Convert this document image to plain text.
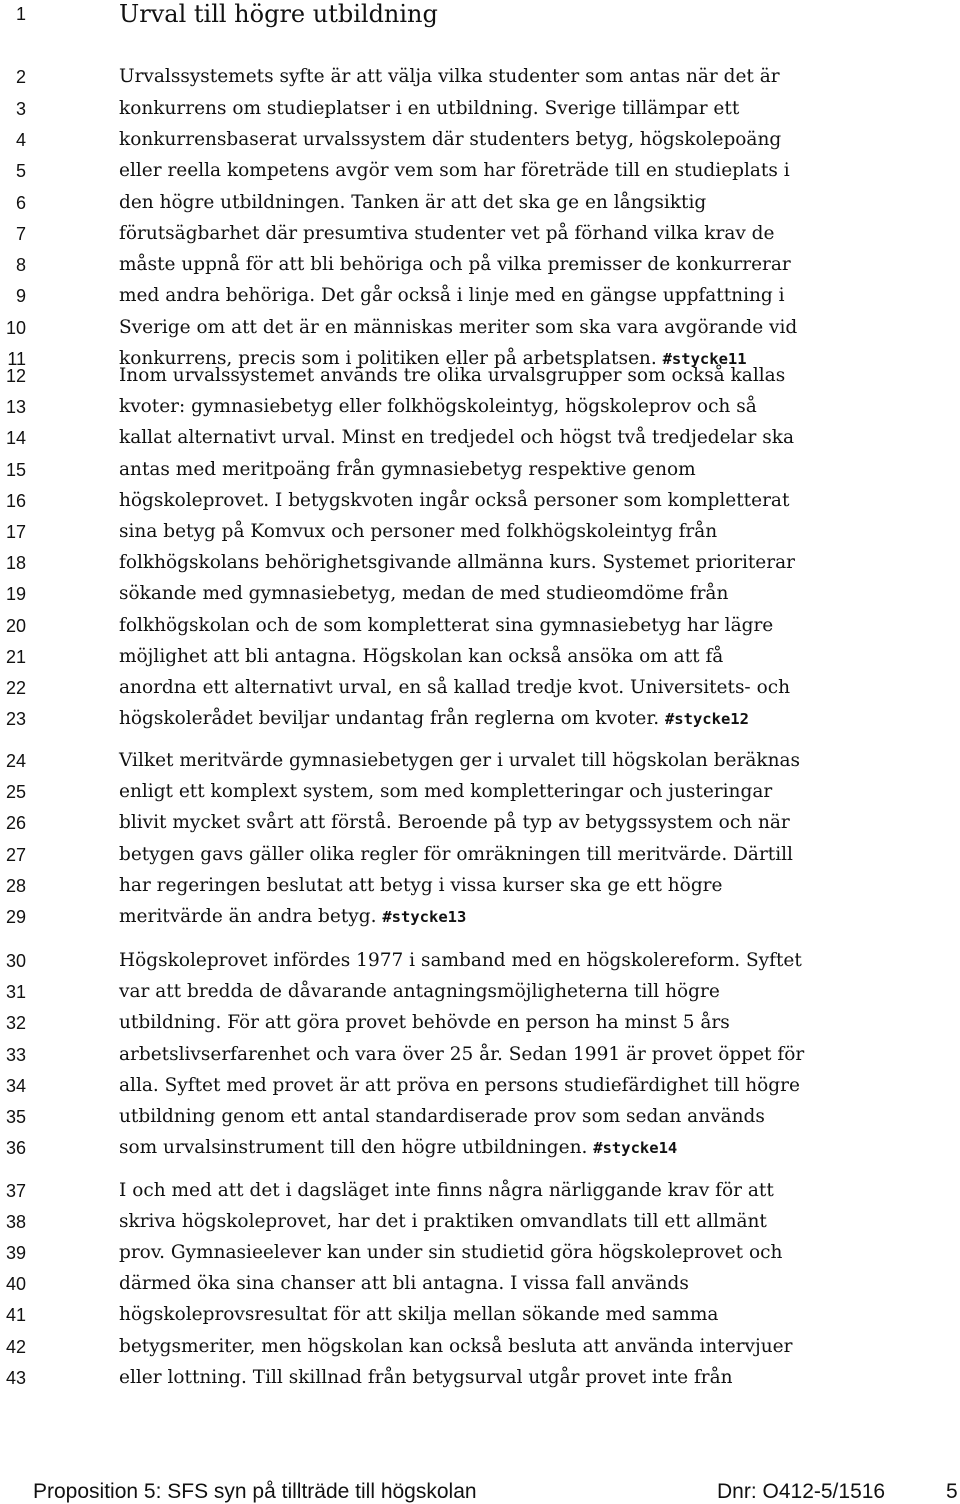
1	Urval till högre utbildning
2	Urvalssystemets syfte är att välja vilka studenter som antas när det är
3	konkurrens om studieplatser i en utbildning. Sverige tillämpar ett
4	konkurrensbaserat urvalssystem där studenters betyg, högskolepoäng
5	eller reella kompetens avgör vem som har företräde till en studieplats i
6	den högre utbildningen. Tanken är att det ska ge en långsiktig
7	förutsägbarhet där presumtiva studenter vet på förhand vilka krav de
8	måste uppnå för att bli behöriga och på vilka premisser de konkurrerar
9	med andra behöriga. Det går också i linje med en gängse uppfattning i
10	Sverige om att det är en människas meriter som ska vara avgörande vid
11	konkurrens, precis som i politiken eller på arbetsplatsen. #stycke11
12	Inom urvalssystemet används tre olika urvalsgrupper som också kallas
13	kvoter: gymnasiebetyg eller folkhögskoleintyg, högskoleprov och så
14	kallat alternativt urval. Minst en tredjedel och högst två tredjedelar ska
15	antas med meritpoäng från gymnasiebetyg respektive genom
16	högskoleprovet. I betygskvoten ingår också personer som kompletterat
17	sina betyg på Komvux och personer med folkhögskoleintyg från
18	folkhögskolans behörighetsgivande allmänna kurs. Systemet prioriterar
19	sökande med gymnasiebetyg, medan de med studieomdöme från
20	folkhögskolan och de som kompletterat sina gymnasiebetyg har lägre
21	möjlighet att bli antagna. Högskolan kan också ansöka om att få
22	anordna ett alternativt urval, en så kallad tredje kvot. Universitets- och
23	högskolerådet beviljar undantag från reglerna om kvoter. #stycke12
24	Vilket meritvärde gymnasiebetygen ger i urvalet till högskolan beräknas
25	enligt ett komplext system, som med kompletteringar och justeringar
26	blivit mycket svårt att förstå. Beroende på typ av betygssystem och när
27	betygen gavs gäller olika regler för omräkningen till meritvärde. Därtill
28	har regeringen beslutat att betyg i vissa kurser ska ge ett högre
29	meritvärde än andra betyg. #stycke13
30	Högskoleprovet infördes 1977 i samband med en högskolereform. Syftet
31	var att bredda de dåvarande antagningsmöjligheterna till högre
32	utbildning. För att göra provet behövde en person ha minst 5 års
33	arbetslivserfarenhet och vara över 25 år. Sedan 1991 är provet öppet för
34	alla. Syftet med provet är att pröva en persons studiefärdighet till högre
35	utbildning genom ett antal standardiserade prov som sedan används
36	som urvalsinstrument till den högre utbildningen. #stycke14
37	I och med att det i dagsläget inte finns några närliggande krav för att
38	skriva högskoleprovet, har det i praktiken omvandlats till ett allmänt
39	prov. Gymnasieelever kan under sin studietid göra högskoleprovet och
40	därmed öka sina chanser att bli antagna. I vissa fall används
41	högskoleprovsresultat för att skilja mellan sökande med samma
42	betygsmeriter, men högskolan kan också besluta att använda intervjuer
43	eller lottning. Till skillnad från betygsurval utgår provet inte från
Proposition 5: SFS syn på tillträde till högskolan	Dnr: O412-5/1516	5
